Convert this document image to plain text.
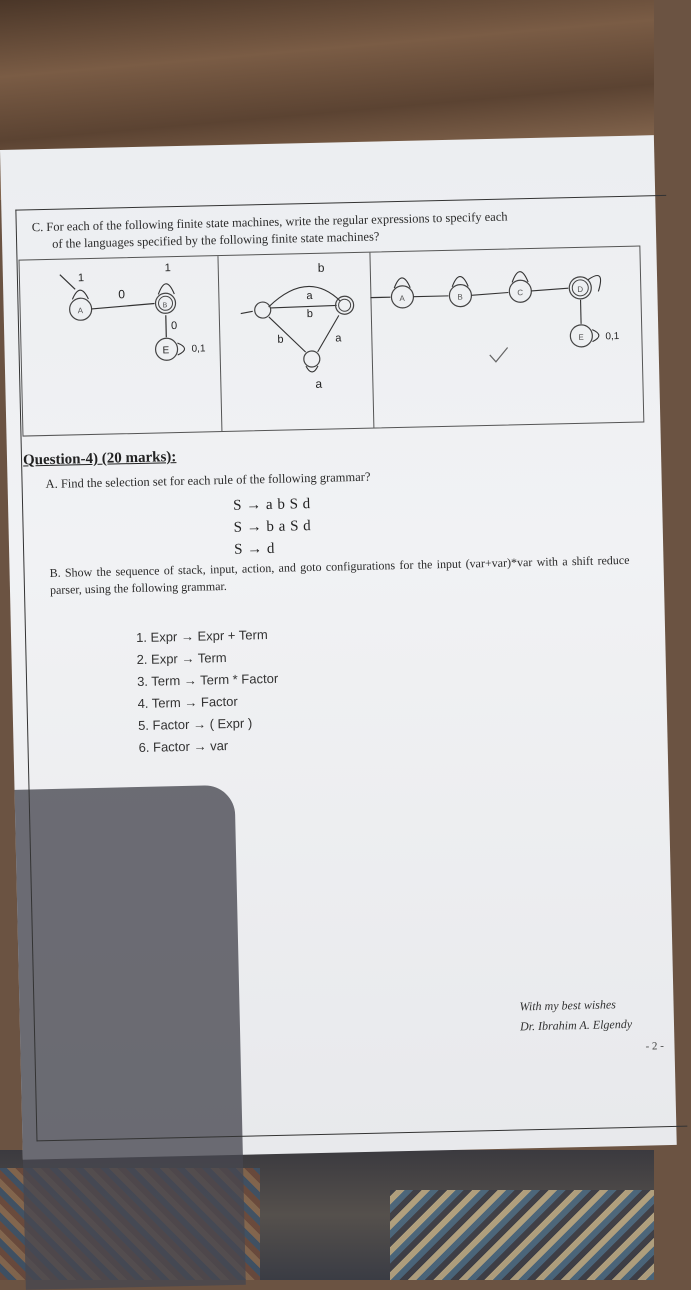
C. For each of the following finite state machines, write the regular expressions to specify each
of the languages specified by the following finite state machines?
A
1
0
B
1
0
E 0,1
b
a
b
b	a
a
A	B	C	D
E 0,1
Question-4) (20 marks):
A. Find the selection set for each rule of the following grammar?
S → a b S d
S → b a S d
S → d
B. Show the sequence of stack, input, action, and goto configurations for the input (var+var)*var with a shift reduce parser, using the following grammar.
1. Expr → Expr + Term
2. Expr → Term
3. Term → Term * Factor
4. Term → Factor
5. Factor → ( Expr )
6. Factor → var
With my best wishes
Dr. Ibrahim A. Elgendy
- 2 -
